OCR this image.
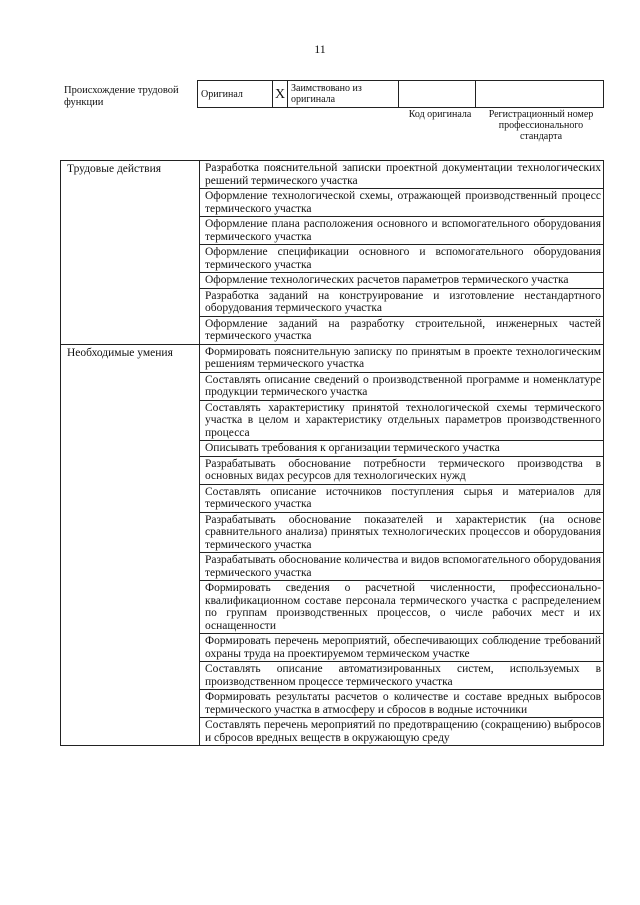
11
Происхождение трудовой функции
Оригинал	X	Заимствовано из оригинала		
Код оригинала	Регистрационный номер профессионального стандарта
Трудовые действия	Разработка пояснительной записки проектной документации технологических решений термического участка
	Оформление технологической схемы, отражающей производственный процесс термического участка
	Оформление плана расположения основного и вспомогательного оборудования термического участка
	Оформление спецификации основного и вспомогательного оборудования термического участка
	Оформление технологических расчетов параметров термического участка
	Разработка заданий на конструирование и изготовление нестандартного оборудования термического участка
	Оформление заданий на разработку строительной, инженерных частей термического участка
Необходимые умения	Формировать пояснительную записку по принятым в проекте технологическим решениям термического участка
	Составлять описание сведений о производственной программе и номенклатуре продукции термического участка
	Составлять характеристику принятой технологической схемы термического участка в целом и характеристику отдельных параметров производственного процесса
	Описывать требования к организации термического участка
	Разрабатывать обоснование потребности термического производства в основных видах ресурсов для технологических нужд
	Составлять описание источников поступления сырья и материалов для термического участка
	Разрабатывать обоснование показателей и характеристик (на основе сравнительного анализа) принятых технологических процессов и оборудования термического участка
	Разрабатывать обоснование количества и видов вспомогательного оборудования термического участка
	Формировать сведения о расчетной численности, профессионально-квалификационном составе персонала термического участка с распределением по группам производственных процессов, о числе рабочих мест и их оснащенности
	Формировать перечень мероприятий, обеспечивающих соблюдение требований охраны труда на проектируемом термическом участке
	Составлять описание автоматизированных систем, используемых в производственном процессе термического участка
	Формировать результаты расчетов о количестве и составе вредных выбросов термического участка в атмосферу и сбросов в водные источники
	Составлять перечень мероприятий по предотвращению (сокращению) выбросов и сбросов вредных веществ в окружающую среду
